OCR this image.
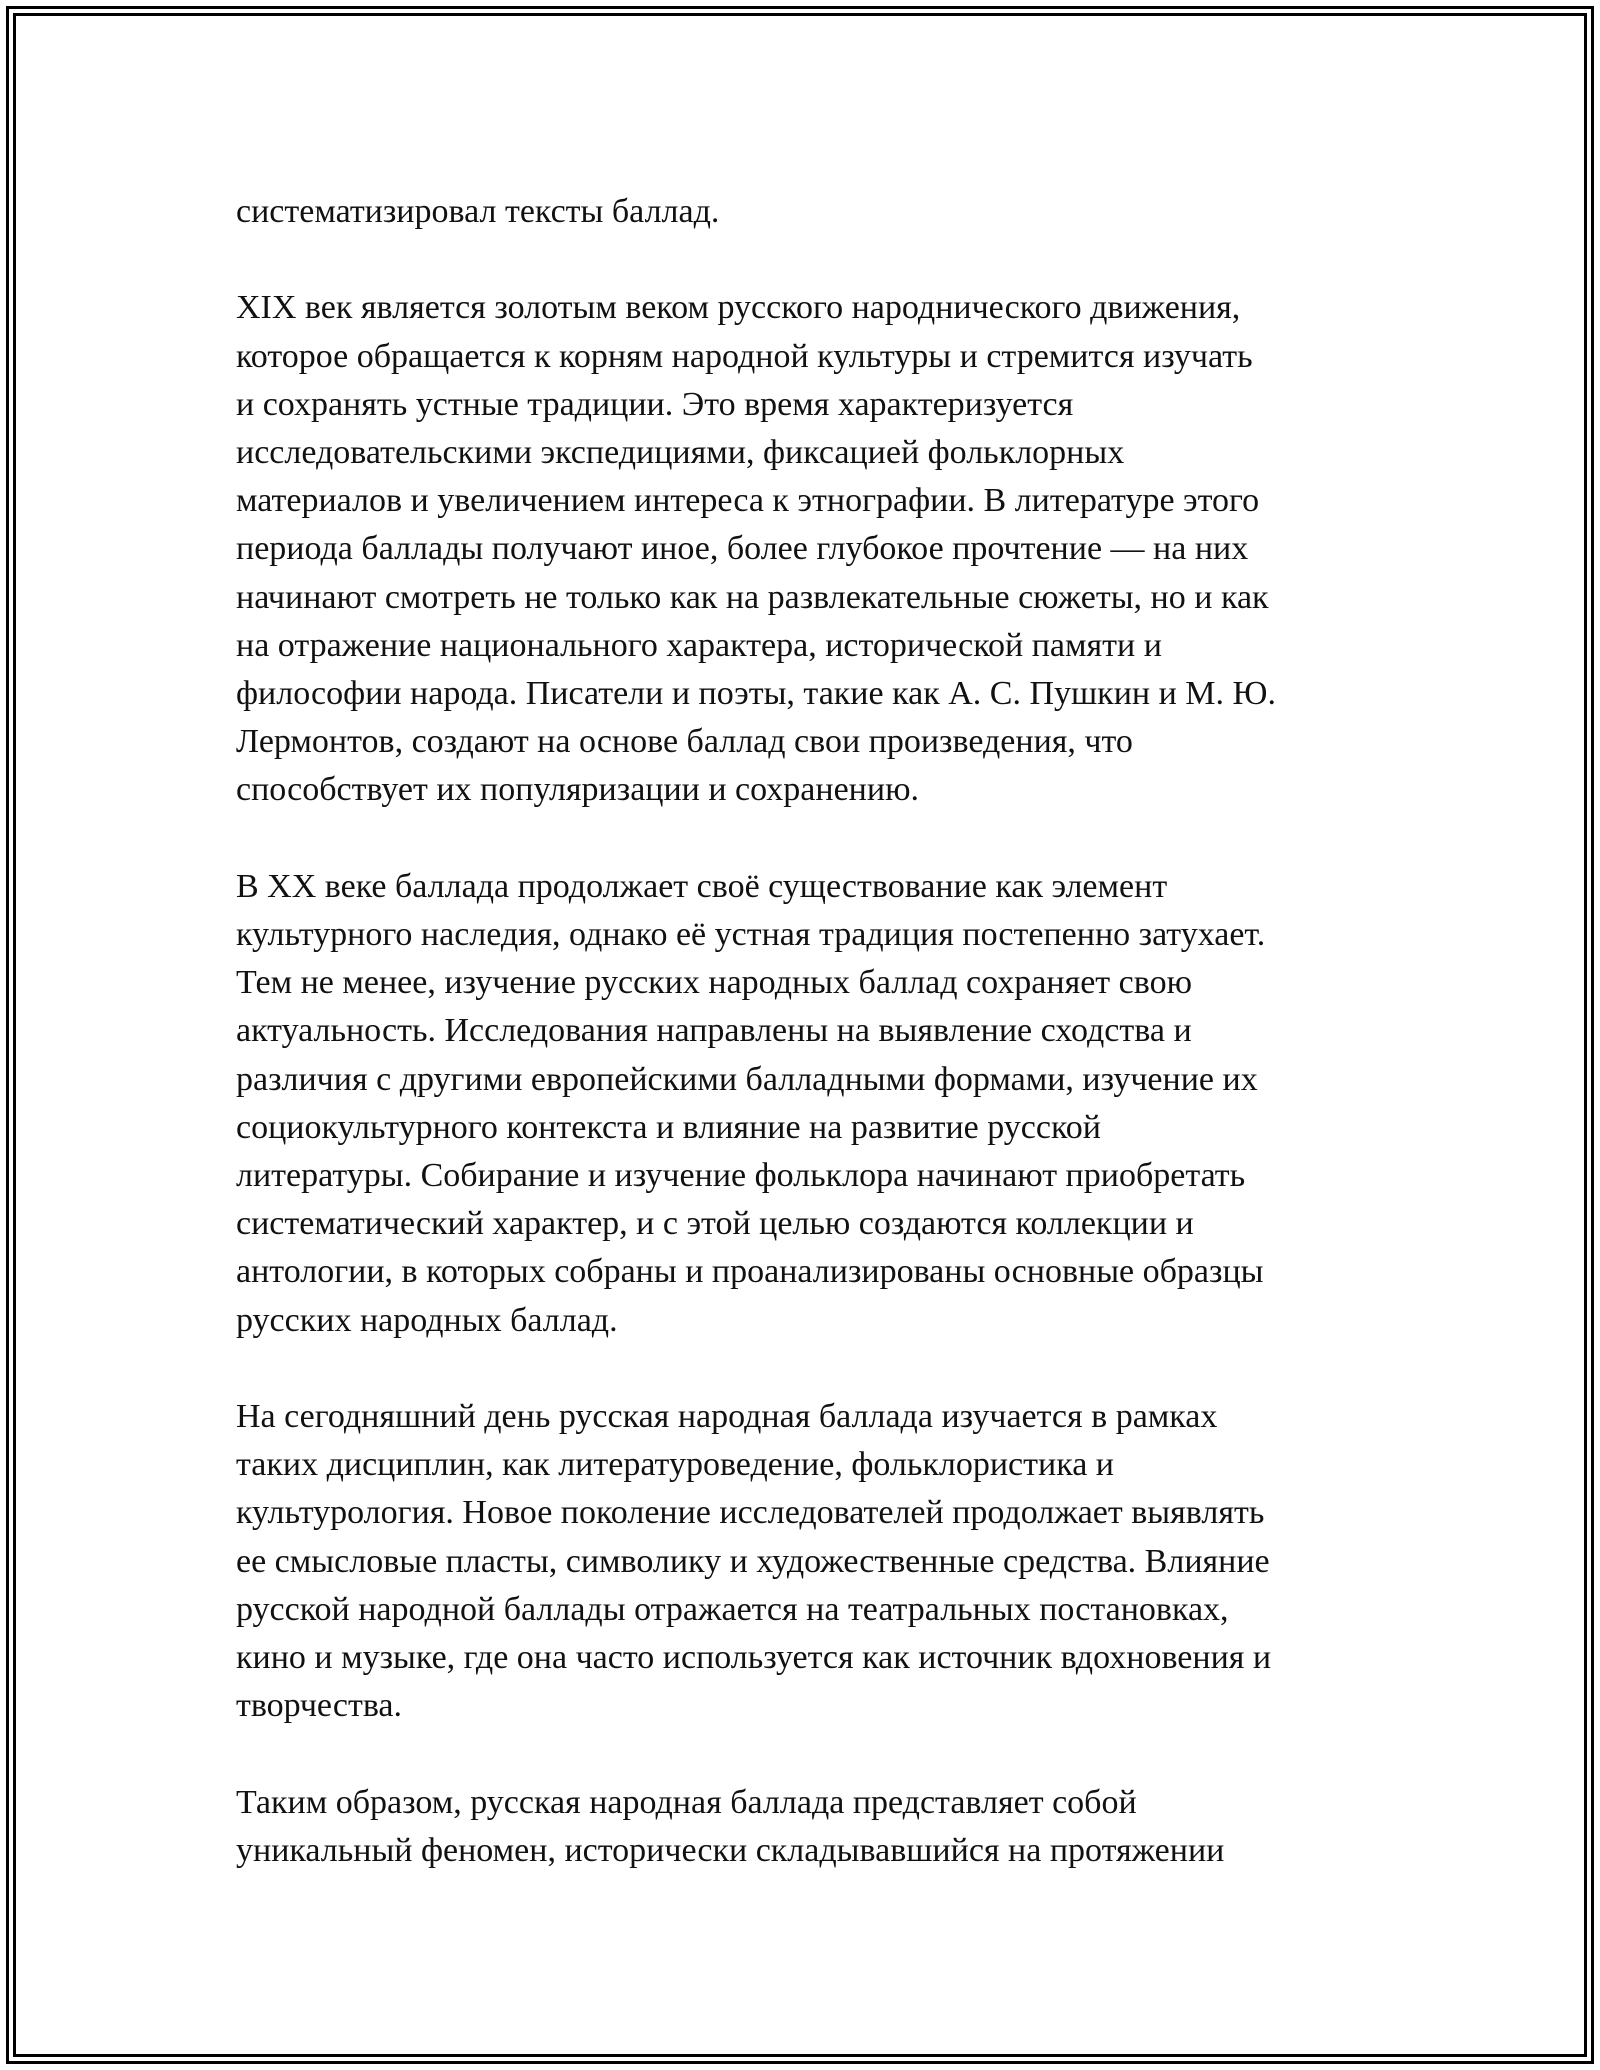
систематизировал тексты баллад.

XIX век является золотым веком русского народнического движения,
которое обращается к корням народной культуры и стремится изучать
и сохранять устные традиции. Это время характеризуется
исследовательскими экспедициями, фиксацией фольклорных
материалов и увеличением интереса к этнографии. В литературе этого
периода баллады получают иное, более глубокое прочтение — на них
начинают смотреть не только как на развлекательные сюжеты, но и как
на отражение национального характера, исторической памяти и
философии народа. Писатели и поэты, такие как А. С. Пушкин и М. Ю.
Лермонтов, создают на основе баллад свои произведения, что
способствует их популяризации и сохранению.

В XX веке баллада продолжает своё существование как элемент
культурного наследия, однако её устная традиция постепенно затухает.
Тем не менее, изучение русских народных баллад сохраняет свою
актуальность. Исследования направлены на выявление сходства и
различия с другими европейскими балладными формами, изучение их
социокультурного контекста и влияние на развитие русской
литературы. Собирание и изучение фольклора начинают приобретать
систематический характер, и с этой целью создаются коллекции и
антологии, в которых собраны и проанализированы основные образцы
русских народных баллад.

На сегодняшний день русская народная баллада изучается в рамках
таких дисциплин, как литературоведение, фольклористика и
культурология. Новое поколение исследователей продолжает выявлять
ее смысловые пласты, символику и художественные средства. Влияние
русской народной баллады отражается на театральных постановках,
кино и музыке, где она часто используется как источник вдохновения и
творчества.

Таким образом, русская народная баллада представляет собой
уникальный феномен, исторически складывавшийся на протяжении
